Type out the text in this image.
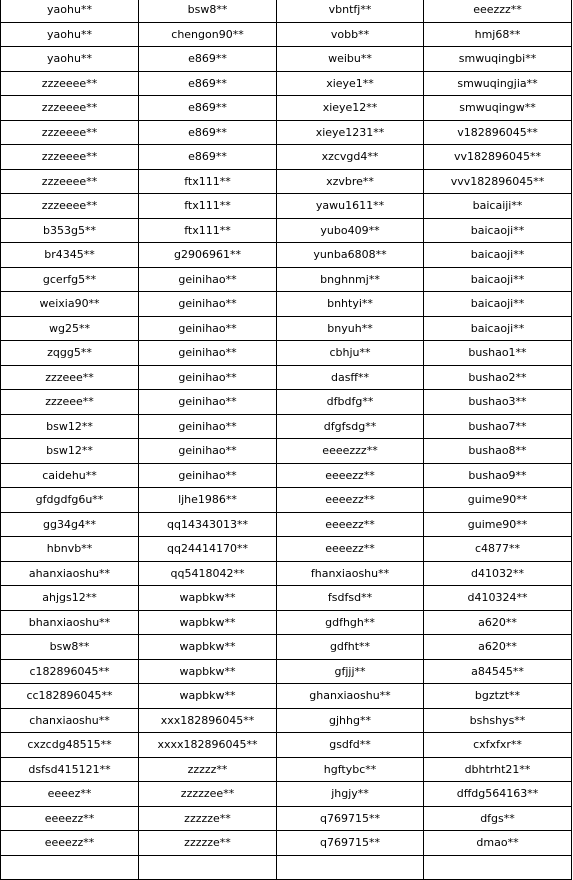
yaohu**	bsw8**	vbntfj**	eeezzz**
yaohu**	chengon90**	vobb**	hmj68**
yaohu**	e869**	weibu**	smwuqingbi**
zzzeeee**	e869**	xieye1**	smwuqingjia**
zzzeeee**	e869**	xieye12**	smwuqingw**
zzzeeee**	e869**	xieye1231**	v182896045**
zzzeeee**	e869**	xzcvgd4**	vv182896045**
zzzeeee**	ftx111**	xzvbre**	vvv182896045**
zzzeeee**	ftx111**	yawu1611**	baicaiji**
b353g5**	ftx111**	yubo409**	baicaoji**
br4345**	g2906961**	yunba6808**	baicaoji**
gcerfg5**	geinihao**	bnghnmj**	baicaoji**
weixia90**	geinihao**	bnhtyi**	baicaoji**
wg25**	geinihao**	bnyuh**	baicaoji**
zqgg5**	geinihao**	cbhju**	bushao1**
zzzeee**	geinihao**	dasff**	bushao2**
zzzeee**	geinihao**	dfbdfg**	bushao3**
bsw12**	geinihao**	dfgfsdg**	bushao7**
bsw12**	geinihao**	eeeezzz**	bushao8**
caidehu**	geinihao**	eeeezz**	bushao9**
gfdgdfg6u**	ljhe1986**	eeeezz**	guime90**
gg34g4**	qq14343013**	eeeezz**	guime90**
hbnvb**	qq24414170**	eeeezz**	c4877**
ahanxiaoshu**	qq5418042**	fhanxiaoshu**	d41032**
ahjgs12**	wapbkw**	fsdfsd**	d410324**
bhanxiaoshu**	wapbkw**	gdfhgh**	a620**
bsw8**	wapbkw**	gdfht**	a620**
c182896045**	wapbkw**	gfjjj**	a84545**
cc182896045**	wapbkw**	ghanxiaoshu**	bgztzt**
chanxiaoshu**	xxx182896045**	gjhhg**	bshshys**
cxzcdg48515**	xxxx182896045**	gsdfd**	cxfxfxr**
dsfsd415121**	zzzzz**	hgftybc**	dbhtrht21**
eeeez**	zzzzzee**	jhgjy**	dffdg564163**
eeeezz**	zzzzze**	q769715**	dfgs**
eeeezz**	zzzzze**	q769715**	dmao**
